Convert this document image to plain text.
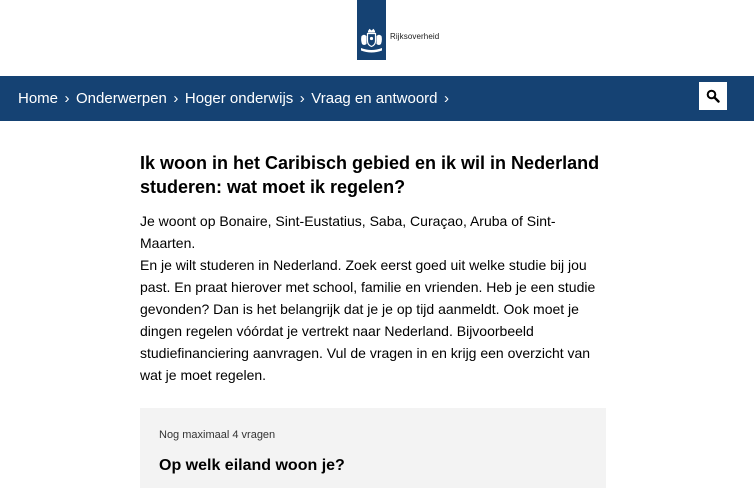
Rijksoverheid
Home › Onderwerpen › Hoger onderwijs › Vraag en antwoord ›
Ik woon in het Caribisch gebied en ik wil in Nederland studeren: wat moet ik regelen?

Je woont op Bonaire, Sint-Eustatius, Saba, Curaçao, Aruba of Sint-Maarten.

En je wilt studeren in Nederland. Zoek eerst goed uit welke studie bij jou past. En praat hierover met school, familie en vrienden. Heb je een studie gevonden? Dan is het belangrijk dat je je op tijd aanmeldt. Ook moet je dingen regelen vóórdat je vertrekt naar Nederland. Bijvoorbeeld studiefinanciering aanvragen. Vul de vragen in en krijg een overzicht van wat je moet regelen.

Nog maximaal 4 vragen
Op welk eiland woon je?
